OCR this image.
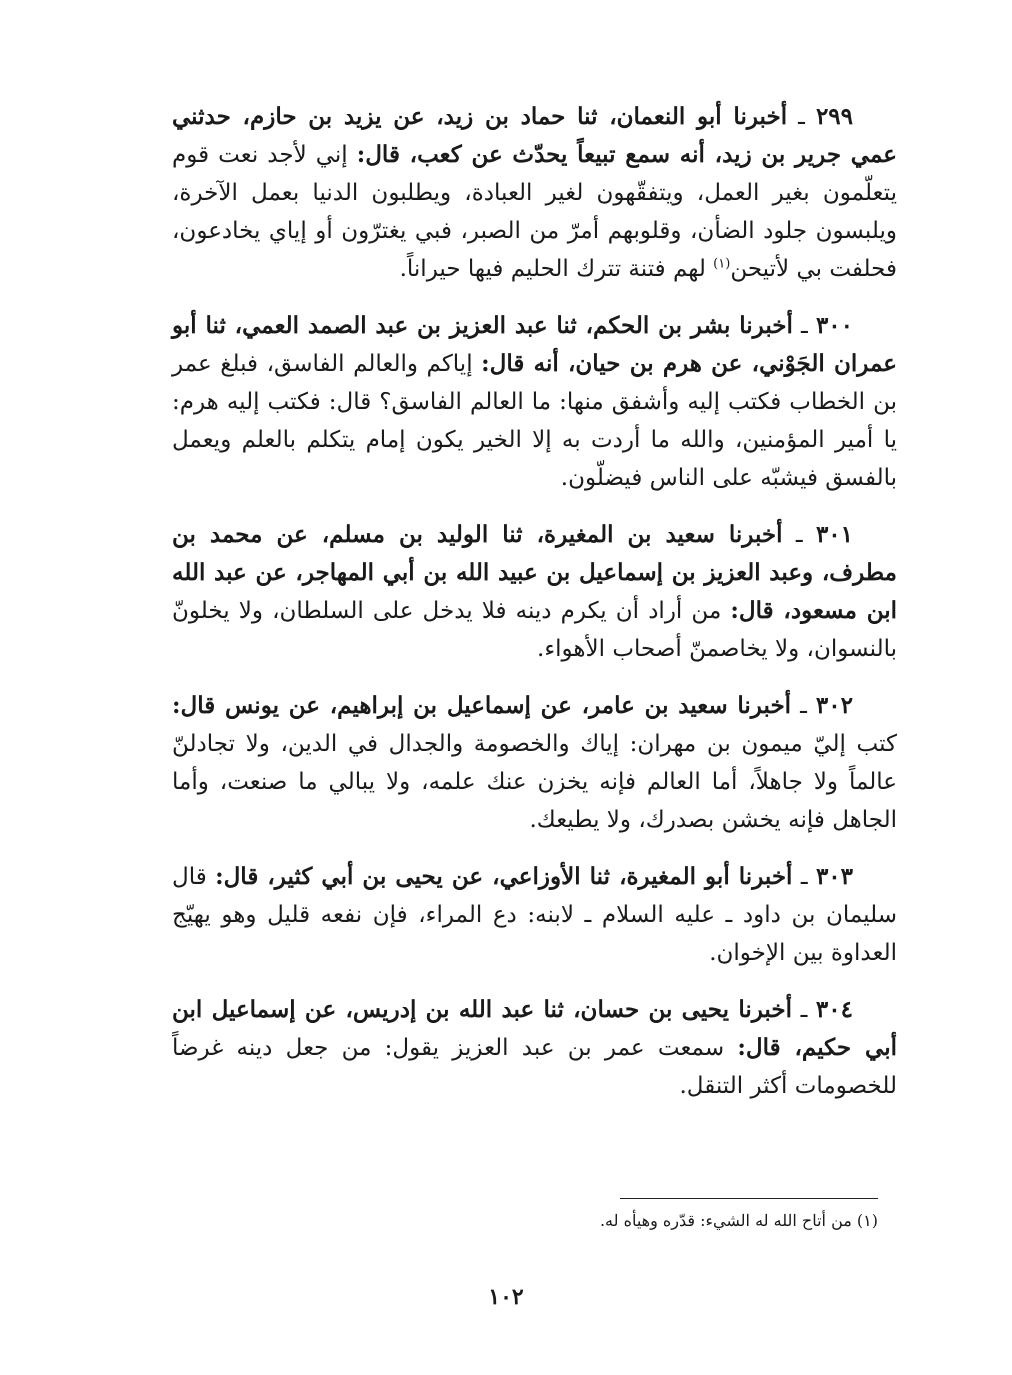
٢٩٩ ـ أخبرنا أبو النعمان، ثنا حماد بن زيد، عن يزيد بن حازم، حدثني عمي جرير بن زيد، أنه سمع تبيعاً يحدّث عن كعب، قال: إني لأجد نعت قوم يتعلّمون بغير العمل، ويتفقّهون لغير العبادة، ويطلبون الدنيا بعمل الآخرة، ويلبسون جلود الضأن، وقلوبهم أمرّ من الصبر، فبي يغترّون أو إياي يخادعون، فحلفت بي لأتيحن$^{(١)}$ لهم فتنة تترك الحليم فيها حيراناً.

٣٠٠ ـ أخبرنا بشر بن الحكم، ثنا عبد العزيز بن عبد الصمد العمي، ثنا أبو عمران الجَوْني، عن هرم بن حيان، أنه قال: إياكم والعالم الفاسق، فبلغ عمر بن الخطاب فكتب إليه وأشفق منها: ما العالم الفاسق؟ قال: فكتب إليه هرم: يا أمير المؤمنين، والله ما أردت به إلا الخير يكون إمام يتكلم بالعلم ويعمل بالفسق فيشبّه على الناس فيضلّون.

٣٠١ ـ أخبرنا سعيد بن المغيرة، ثنا الوليد بن مسلم، عن محمد بن مطرف، وعبد العزيز بن إسماعيل بن عبيد الله بن أبي المهاجر، عن عبد الله ابن مسعود، قال: من أراد أن يكرم دينه فلا يدخل على السلطان، ولا يخلونّ بالنسوان، ولا يخاصمنّ أصحاب الأهواء.

٣٠٢ ـ أخبرنا سعيد بن عامر، عن إسماعيل بن إبراهيم، عن يونس قال: كتب إليّ ميمون بن مهران: إياك والخصومة والجدال في الدين، ولا تجادلنّ عالماً ولا جاهلاً، أما العالم فإنه يخزن عنك علمه، ولا يبالي ما صنعت، وأما الجاهل فإنه يخشن بصدرك، ولا يطيعك.

٣٠٣ ـ أخبرنا أبو المغيرة، ثنا الأوزاعي، عن يحيى بن أبي كثير، قال: قال سليمان بن داود ـ عليه السلام ـ لابنه: دع المراء، فإن نفعه قليل وهو يهيّج العداوة بين الإخوان.

٣٠٤ ـ أخبرنا يحيى بن حسان، ثنا عبد الله بن إدريس، عن إسماعيل ابن أبي حكيم، قال: سمعت عمر بن عبد العزيز يقول: من جعل دينه غرضاً للخصومات أكثر التنقل.

(١) من أتاح الله له الشيء: قدّره وهيأه له.
١٠٢
